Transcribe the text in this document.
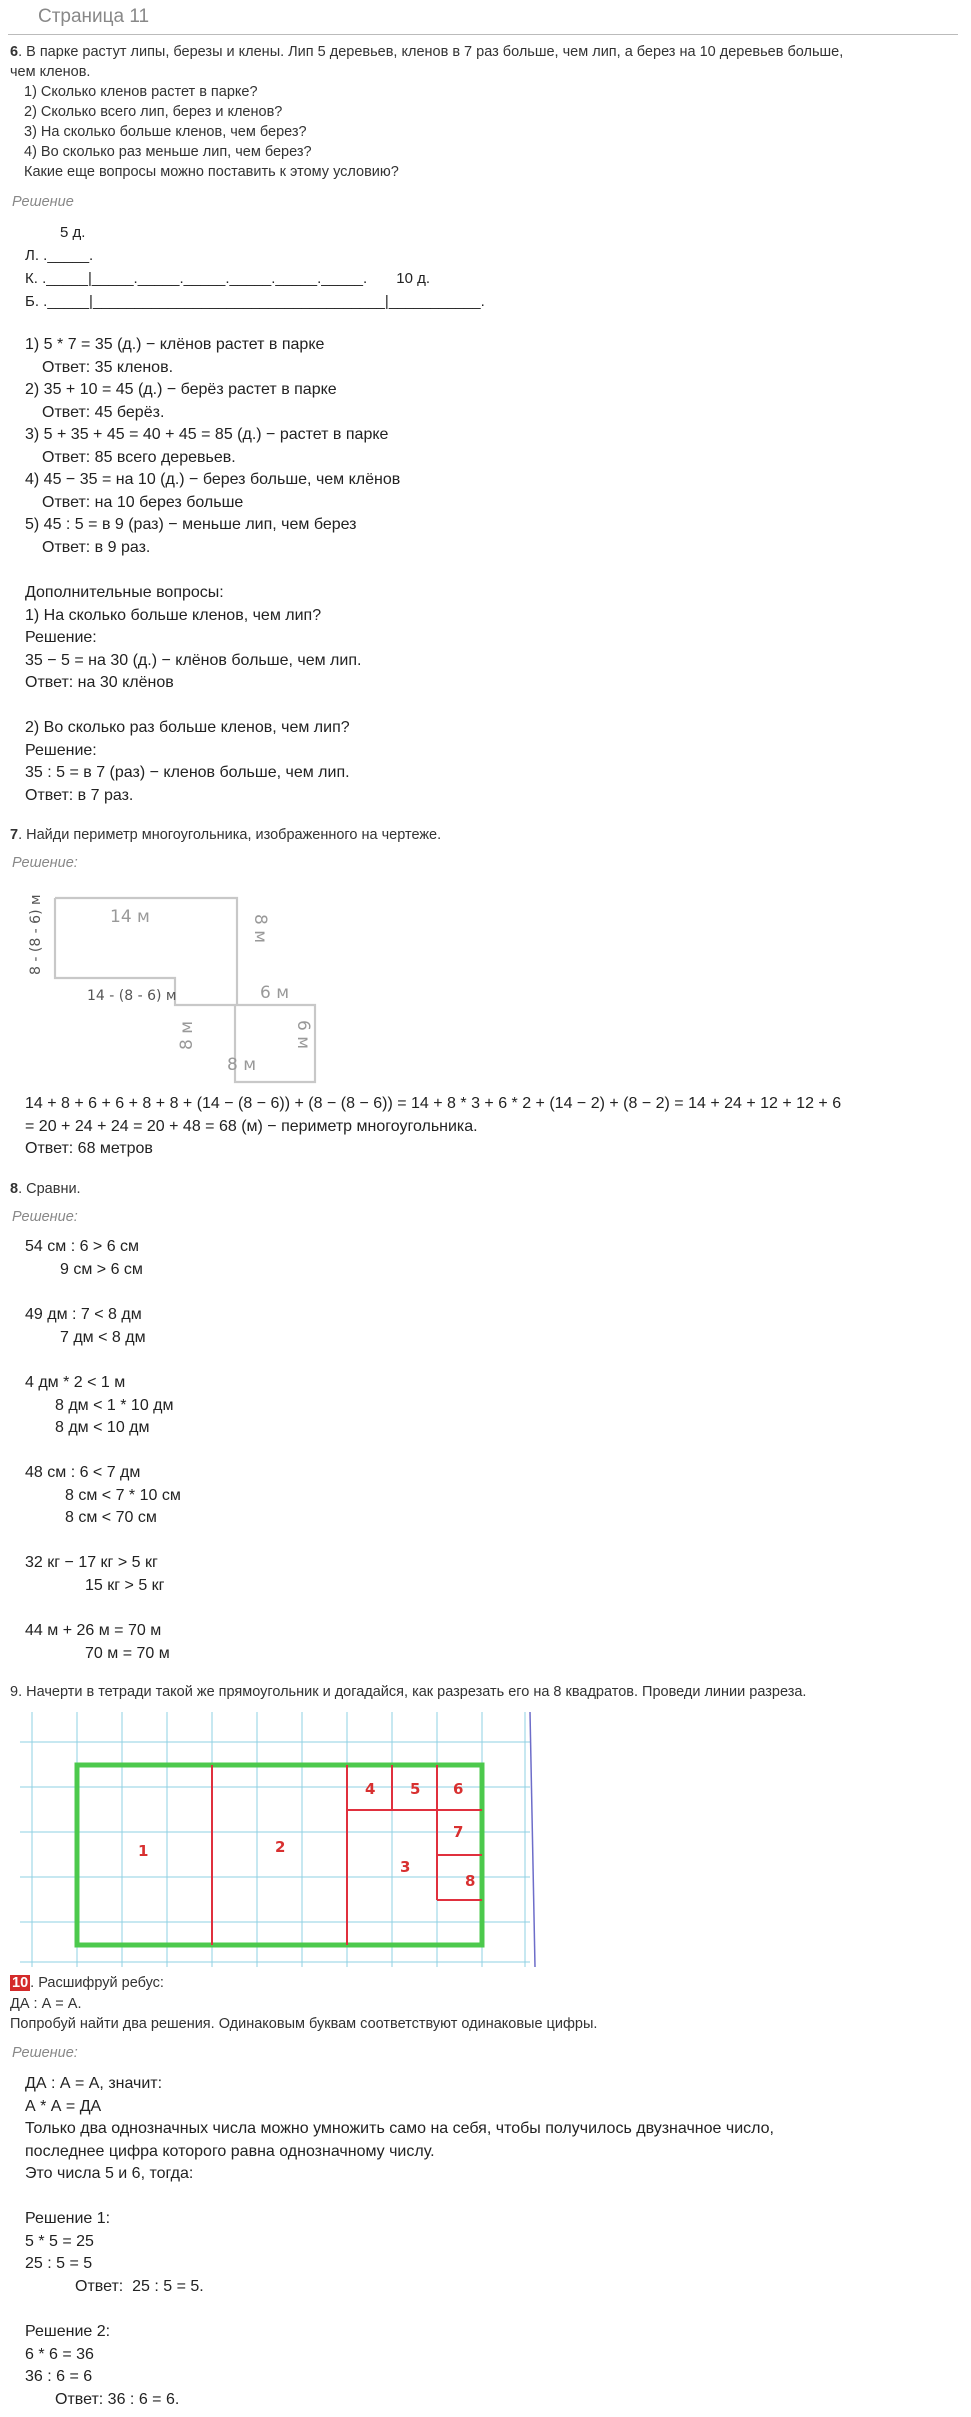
Страница 11
6. В парке растут липы, березы и клены. Лип 5 деревьев, кленов в 7 раз больше, чем лип, а берез на 10 деревьев больше,
чем кленов.
1) Сколько кленов растет в парке?
2) Сколько всего лип, берез и кленов?
3) На сколько больше кленов, чем берез?
4) Во сколько раз меньше лип, чем берез?
Какие еще вопросы можно поставить к этому условию?
Решение
5 д.
Л. ._____.
К. ._____|_____._____._____._____._____._____.       10 д.
Б. ._____|___________________________________|___________.
1) 5 * 7 = 35 (д.) − клёнов растет в парке
Ответ: 35 кленов.
2) 35 + 10 = 45 (д.) − берёз растет в парке
Ответ: 45 берёз.
3) 5 + 35 + 45 = 40 + 45 = 85 (д.) − растет в парке
Ответ: 85 всего деревьев.
4) 45 − 35 = на 10 (д.) − берез больше, чем клёнов
Ответ: на 10 берез больше
5) 45 : 5 = в 9 (раз) − меньше лип, чем берез
Ответ: в 9 раз.
Дополнительные вопросы:
1) На сколько больше кленов, чем лип?
Решение:
35 − 5 = на 30 (д.) − клёнов больше, чем лип.
Ответ: на 30 клёнов
2) Во сколько раз больше кленов, чем лип?
Решение:
35 : 5 = в 7 (раз) − кленов больше, чем лип.
Ответ: в 7 раз.
7. Найди периметр многоугольника, изображенного на чертеже.
Решение:
14 м
8 - (8 - 6) м	8 м
6 м
14 - (8 - 6) м
8 м
8 м
6 м
14 + 8 + 6 + 6 + 8 + 8 + (14 − (8 − 6)) + (8 − (8 − 6)) = 14 + 8 * 3 + 6 * 2 + (14 − 2) + (8 − 2) = 14 + 24 + 12 + 12 + 6
= 20 + 24 + 24 = 20 + 48 = 68 (м) − периметр многоугольника.
Ответ: 68 метров
8. Сравни.
Решение:
54 см : 6 > 6 см
9 см > 6 см
49 дм : 7 < 8 дм
7 дм < 8 дм
4 дм * 2 < 1 м
8 дм < 1 * 10 дм
8 дм < 10 дм
48 см : 6 < 7 дм
8 см < 7 * 10 см
8 см < 70 см
32 кг − 17 кг > 5 кг
15 кг > 5 кг
44 м + 26 м = 70 м
70 м = 70 м
9. Начерти в тетради такой же прямоугольник и догадайся, как разрезать его на 8 квадратов. Проведи линии разреза.
1	2
3
4 5 6
7
8
10 . Расшифруй ребус:
ДА : А = А.
Попробуй найти два решения. Одинаковым буквам соответствуют одинаковые цифры.
Решение:
ДА : А = А, значит:
А * А = ДА
Только два однозначных числа можно умножить само на себя, чтобы получилось двузначное число,
последнее цифра которого равна однозначному числу.
Это числа 5 и 6, тогда:
Решение 1:
5 * 5 = 25
25 : 5 = 5
Ответ:  25 : 5 = 5.
Решение 2:
6 * 6 = 36
36 : 6 = 6
Ответ: 36 : 6 = 6.
